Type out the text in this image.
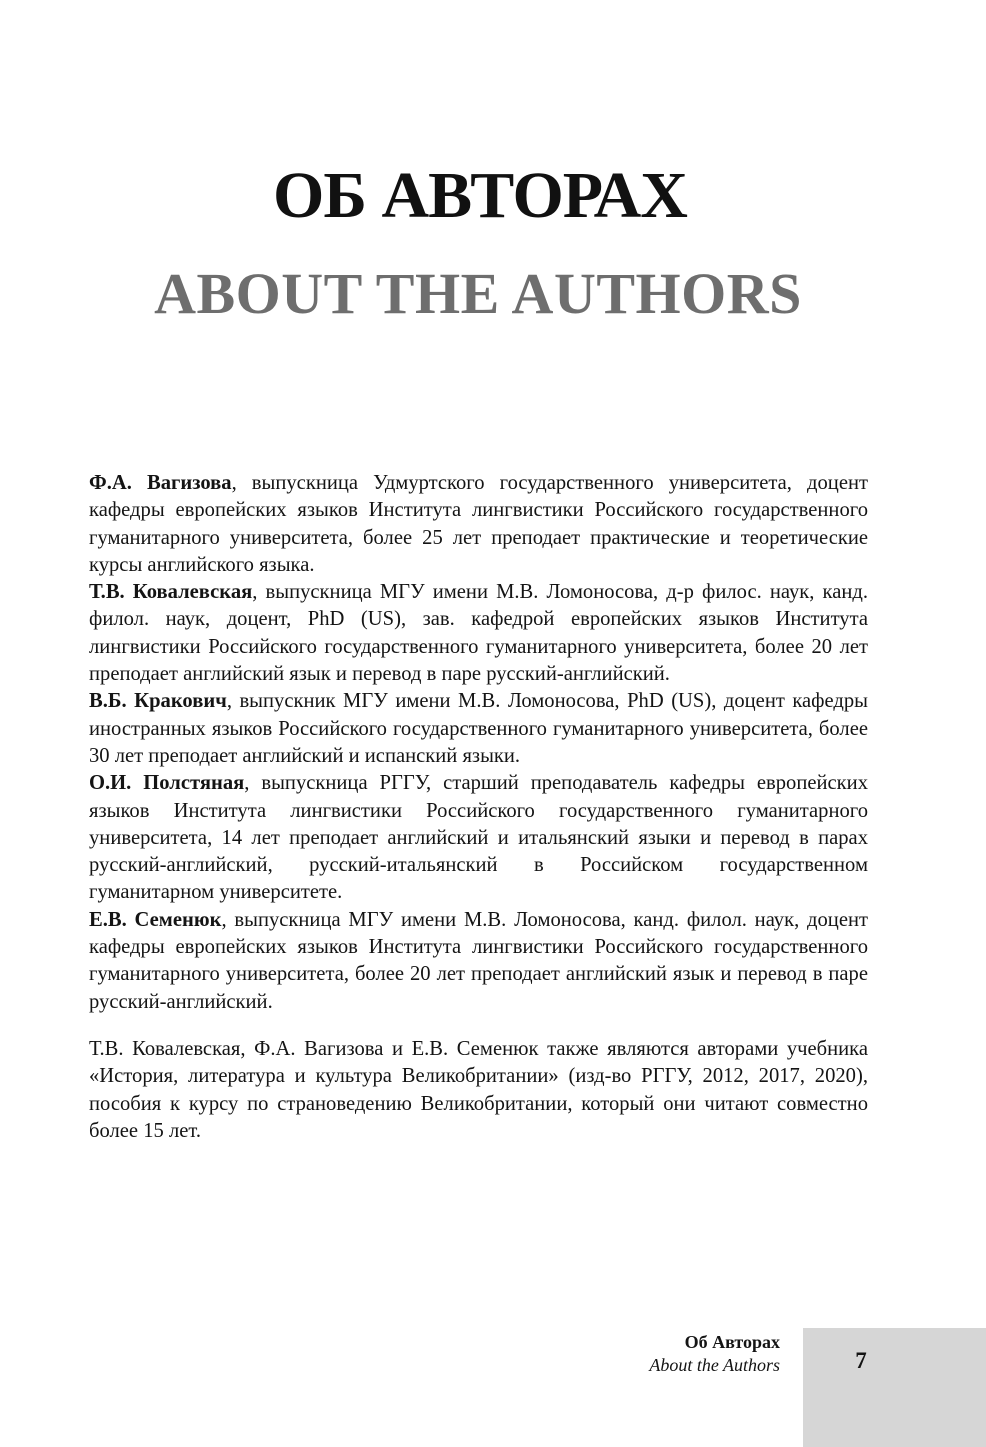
ОБ АВТОРАХ
ABOUT THE AUTHORS

Ф.А. Вагизова, выпускница Удмуртского государственного университета, доцент кафедры европейских языков Института лингвистики Российского государственного гуманитарного университета, более 25 лет преподает практические и теоретические курсы английского языка.

Т.В. Ковалевская, выпускница МГУ имени М.В. Ломоносова, д-р филос. наук, канд. филол. наук, доцент, PhD (US), зав. кафедрой европейских языков Института лингвистики Российского государственного гуманитарного университета, более 20 лет преподает английский язык и перевод в паре русский-английский.

В.Б. Кракович, выпускник МГУ имени М.В. Ломоносова, PhD (US), доцент кафедры иностранных языков Российского государственного гуманитарного университета, более 30 лет преподает английский и испанский языки.

О.И. Полстяная, выпускница РГГУ, старший преподаватель кафедры европейских языков Института лингвистики Российского государственного гуманитарного университета, 14 лет преподает английский и итальянский языки и перевод в парах русский-английский, русский-итальянский в Российском государственном гуманитарном университете.

Е.В. Семенюк, выпускница МГУ имени М.В. Ломоносова, канд. филол. наук, доцент кафедры европейских языков Института лингвистики Российского государственного гуманитарного университета, более 20 лет преподает английский язык и перевод в паре русский-английский.

Т.В. Ковалевская, Ф.А. Вагизова и Е.В. Семенюк также являются авторами учебника «История, литература и культура Великобритании» (изд-во РГГУ, 2012, 2017, 2020), пособия к курсу по страноведению Великобритании, который они читают совместно более 15 лет.

Об Авторах
About the Authors	7
